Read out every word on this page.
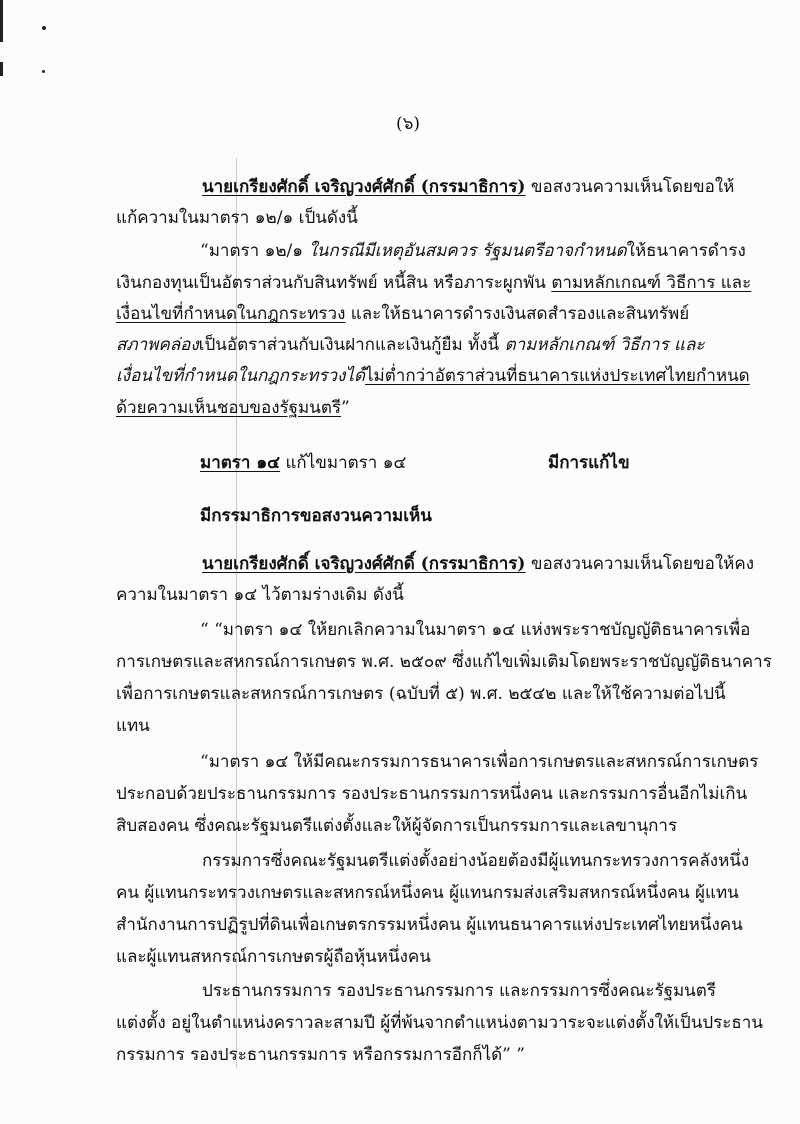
(๖)
นายเกรียงศักดิ์ เจริญวงศ์ศักดิ์ (กรรมาธิการ) ขอสงวนความเห็นโดยขอให้
แก้ความในมาตรา ๑๒/๑ เป็นดังนี้
“มาตรา ๑๒/๑ ในกรณีมีเหตุอันสมควร รัฐมนตรีอาจกำหนดให้ธนาคารดำรง
เงินกองทุนเป็นอัตราส่วนกับสินทรัพย์ หนี้สิน หรือภาระผูกพัน ตามหลักเกณฑ์ วิธีการ และ
เงื่อนไขที่กำหนดในกฎกระทรวง และให้ธนาคารดำรงเงินสดสำรองและสินทรัพย์
สภาพคล่องเป็นอัตราส่วนกับเงินฝากและเงินกู้ยืม ทั้งนี้ ตามหลักเกณฑ์ วิธีการ และ
เงื่อนไขที่กำหนดในกฎกระทรวงได้ไม่ต่ำกว่าอัตราส่วนที่ธนาคารแห่งประเทศไทยกำหนด
ด้วยความเห็นชอบของรัฐมนตรี”
มาตรา ๑๔ แก้ไขมาตรา ๑๔	มีการแก้ไข
มีกรรมาธิการขอสงวนความเห็น
นายเกรียงศักดิ์ เจริญวงศ์ศักดิ์ (กรรมาธิการ) ขอสงวนความเห็นโดยขอให้คง
ความในมาตรา ๑๔ ไว้ตามร่างเดิม ดังนี้
“ “มาตรา ๑๔ ให้ยกเลิกความในมาตรา ๑๔ แห่งพระราชบัญญัติธนาคารเพื่อ
การเกษตรและสหกรณ์การเกษตร พ.ศ. ๒๕๐๙ ซึ่งแก้ไขเพิ่มเติมโดยพระราชบัญญัติธนาคาร
เพื่อการเกษตรและสหกรณ์การเกษตร (ฉบับที่ ๕) พ.ศ. ๒๕๔๒ และให้ใช้ความต่อไปนี้
แทน
“มาตรา ๑๔ ให้มีคณะกรรมการธนาคารเพื่อการเกษตรและสหกรณ์การเกษตร
ประกอบด้วยประธานกรรมการ รองประธานกรรมการหนึ่งคน และกรรมการอื่นอีกไม่เกิน
สิบสองคน ซึ่งคณะรัฐมนตรีแต่งตั้งและให้ผู้จัดการเป็นกรรมการและเลขานุการ
กรรมการซึ่งคณะรัฐมนตรีแต่งตั้งอย่างน้อยต้องมีผู้แทนกระทรวงการคลังหนึ่ง
คน ผู้แทนกระทรวงเกษตรและสหกรณ์หนึ่งคน ผู้แทนกรมส่งเสริมสหกรณ์หนึ่งคน ผู้แทน
สำนักงานการปฏิรูปที่ดินเพื่อเกษตรกรรมหนึ่งคน ผู้แทนธนาคารแห่งประเทศไทยหนึ่งคน
และผู้แทนสหกรณ์การเกษตรผู้ถือหุ้นหนึ่งคน
ประธานกรรมการ รองประธานกรรมการ และกรรมการซึ่งคณะรัฐมนตรี
แต่งตั้ง อยู่ในตำแหน่งคราวละสามปี ผู้ที่พ้นจากตำแหน่งตามวาระจะแต่งตั้งให้เป็นประธาน
กรรมการ รองประธานกรรมการ หรือกรรมการอีกก็ได้” ”
